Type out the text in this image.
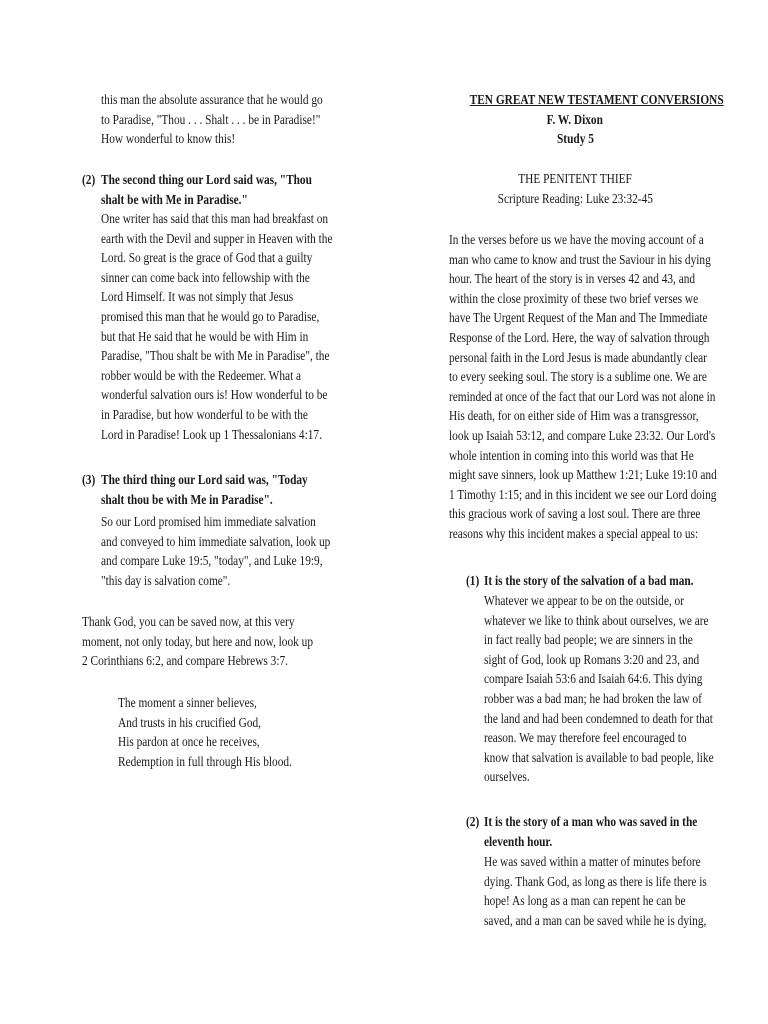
this man the absolute assurance that he would go
to Paradise, "Thou . . . Shalt . . . be in Paradise!"
How wonderful to know this!
(2) The second thing our Lord said was, "Thou
shalt be with Me in Paradise."
One writer has said that this man had breakfast on
earth with the Devil and supper in Heaven with the
Lord. So great is the grace of God that a guilty
sinner can come back into fellowship with the
Lord Himself. It was not simply that Jesus
promised this man that he would go to Paradise,
but that He said that he would be with Him in
Paradise, "Thou shalt be with Me in Paradise", the
robber would be with the Redeemer. What a
wonderful salvation ours is! How wonderful to be
in Paradise, but how wonderful to be with the
Lord in Paradise! Look up 1 Thessalonians 4:17.
(3) The third thing our Lord said was, "Today
shalt thou be with Me in Paradise".
So our Lord promised him immediate salvation
and conveyed to him immediate salvation, look up
and compare Luke 19:5, "today", and Luke 19:9,
"this day is salvation come".
Thank God, you can be saved now, at this very
moment, not only today, but here and now, look up
2 Corinthians 6:2, and compare Hebrews 3:7.
The moment a sinner believes,
And trusts in his crucified God,
His pardon at once he receives,
Redemption in full through His blood.
TEN GREAT NEW TESTAMENT CONVERSIONS
F. W. Dixon
Study 5
THE PENITENT THIEF
Scripture Reading: Luke 23:32-45
In the verses before us we have the moving account of a
man who came to know and trust the Saviour in his dying
hour. The heart of the story is in verses 42 and 43, and
within the close proximity of these two brief verses we
have The Urgent Request of the Man and The Immediate
Response of the Lord. Here, the way of salvation through
personal faith in the Lord Jesus is made abundantly clear
to every seeking soul. The story is a sublime one. We are
reminded at once of the fact that our Lord was not alone in
His death, for on either side of Him was a transgressor,
look up Isaiah 53:12, and compare Luke 23:32. Our Lord's
whole intention in coming into this world was that He
might save sinners, look up Matthew 1:21; Luke 19:10 and
1 Timothy 1:15; and in this incident we see our Lord doing
this gracious work of saving a lost soul. There are three
reasons why this incident makes a special appeal to us:
(1) It is the story of the salvation of a bad man.
Whatever we appear to be on the outside, or
whatever we like to think about ourselves, we are
in fact really bad people; we are sinners in the
sight of God, look up Romans 3:20 and 23, and
compare Isaiah 53:6 and Isaiah 64:6. This dying
robber was a bad man; he had broken the law of
the land and had been condemned to death for that
reason. We may therefore feel encouraged to
know that salvation is available to bad people, like
ourselves.
(2) It is the story of a man who was saved in the
eleventh hour.
He was saved within a matter of minutes before
dying. Thank God, as long as there is life there is
hope! As long as a man can repent he can be
saved, and a man can be saved while he is dying,
